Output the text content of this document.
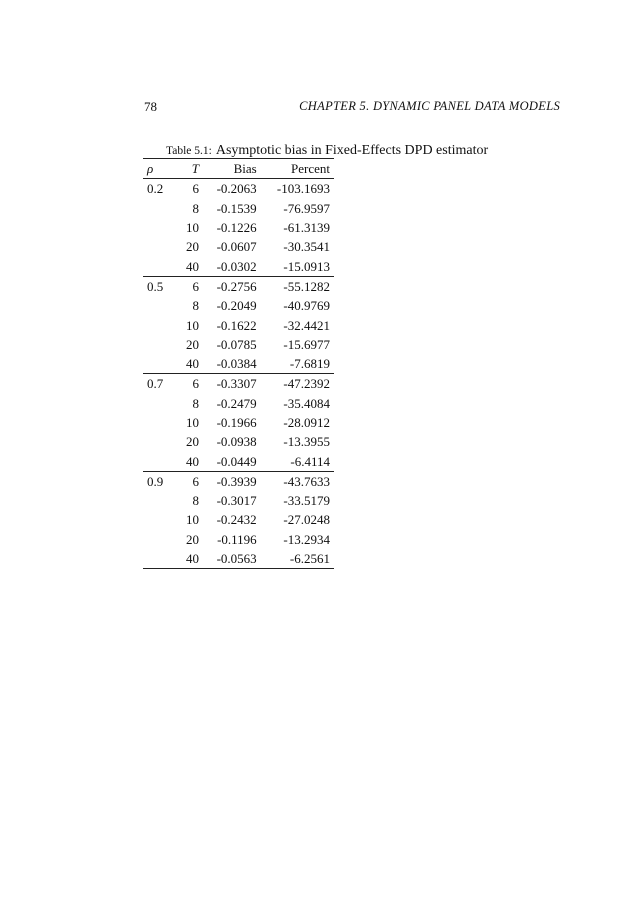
78	CHAPTER 5. DYNAMIC PANEL DATA MODELS
Table 5.1: Asymptotic bias in Fixed-Effects DPD estimator
ρ	T	Bias	Percent
0.2	6	-0.2063	-103.1693
	8	-0.1539	-76.9597
	10	-0.1226	-61.3139
	20	-0.0607	-30.3541
	40	-0.0302	-15.0913
0.5	6	-0.2756	-55.1282
	8	-0.2049	-40.9769
	10	-0.1622	-32.4421
	20	-0.0785	-15.6977
	40	-0.0384	-7.6819
0.7	6	-0.3307	-47.2392
	8	-0.2479	-35.4084
	10	-0.1966	-28.0912
	20	-0.0938	-13.3955
	40	-0.0449	-6.4114
0.9	6	-0.3939	-43.7633
	8	-0.3017	-33.5179
	10	-0.2432	-27.0248
	20	-0.1196	-13.2934
	40	-0.0563	-6.2561
